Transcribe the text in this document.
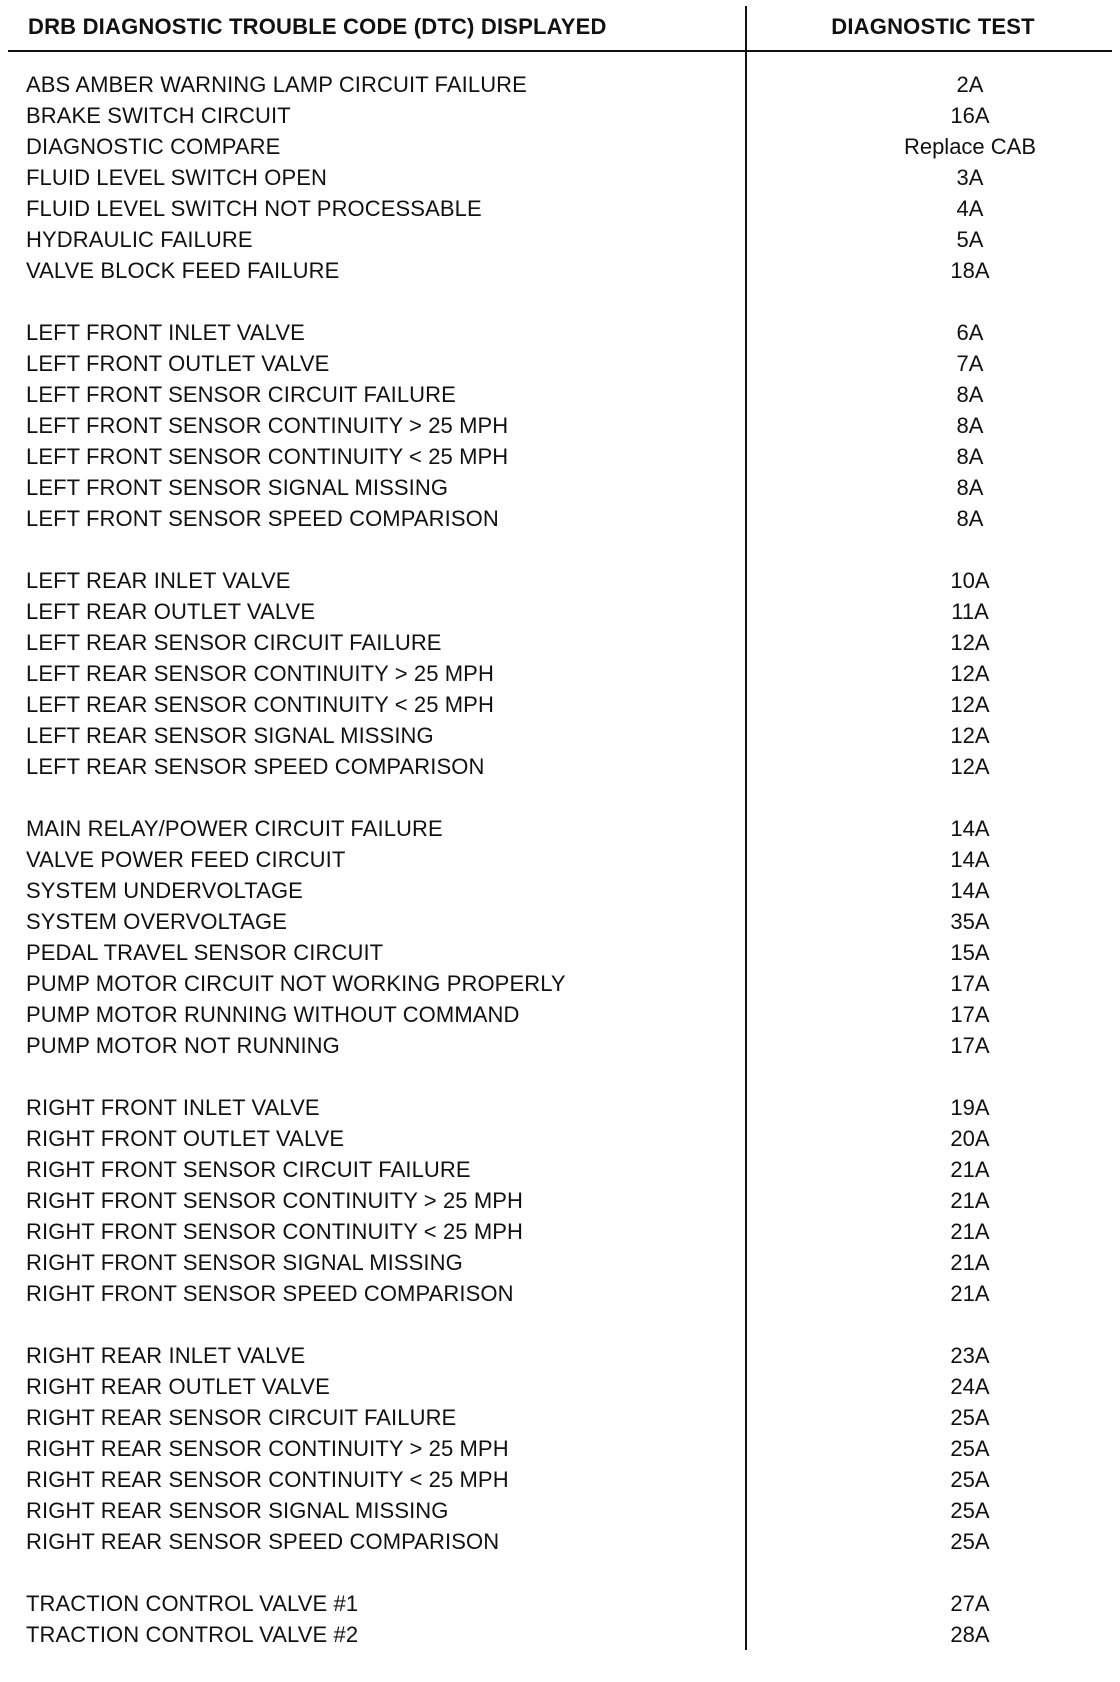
DRB DIAGNOSTIC TROUBLE CODE (DTC) DISPLAYED	DIAGNOSTIC TEST
ABS AMBER WARNING LAMP CIRCUIT FAILURE	2A
BRAKE SWITCH CIRCUIT	16A
DIAGNOSTIC COMPARE	Replace CAB
FLUID LEVEL SWITCH OPEN	3A
FLUID LEVEL SWITCH NOT PROCESSABLE	4A
HYDRAULIC FAILURE	5A
VALVE BLOCK FEED FAILURE	18A
LEFT FRONT INLET VALVE	6A
LEFT FRONT OUTLET VALVE	7A
LEFT FRONT SENSOR CIRCUIT FAILURE	8A
LEFT FRONT SENSOR CONTINUITY > 25 MPH	8A
LEFT FRONT SENSOR CONTINUITY < 25 MPH	8A
LEFT FRONT SENSOR SIGNAL MISSING	8A
LEFT FRONT SENSOR SPEED COMPARISON	8A
LEFT REAR INLET VALVE	10A
LEFT REAR OUTLET VALVE	11A
LEFT REAR SENSOR CIRCUIT FAILURE	12A
LEFT REAR SENSOR CONTINUITY > 25 MPH	12A
LEFT REAR SENSOR CONTINUITY < 25 MPH	12A
LEFT REAR SENSOR SIGNAL MISSING	12A
LEFT REAR SENSOR SPEED COMPARISON	12A
MAIN RELAY/POWER CIRCUIT FAILURE	14A
VALVE POWER FEED CIRCUIT	14A
SYSTEM UNDERVOLTAGE	14A
SYSTEM OVERVOLTAGE	35A
PEDAL TRAVEL SENSOR CIRCUIT	15A
PUMP MOTOR CIRCUIT NOT WORKING PROPERLY	17A
PUMP MOTOR RUNNING WITHOUT COMMAND	17A
PUMP MOTOR NOT RUNNING	17A
RIGHT FRONT INLET VALVE	19A
RIGHT FRONT OUTLET VALVE	20A
RIGHT FRONT SENSOR CIRCUIT FAILURE	21A
RIGHT FRONT SENSOR CONTINUITY > 25 MPH	21A
RIGHT FRONT SENSOR CONTINUITY < 25 MPH	21A
RIGHT FRONT SENSOR SIGNAL MISSING	21A
RIGHT FRONT SENSOR SPEED COMPARISON	21A
RIGHT REAR INLET VALVE	23A
RIGHT REAR OUTLET VALVE	24A
RIGHT REAR SENSOR CIRCUIT FAILURE	25A
RIGHT REAR SENSOR CONTINUITY > 25 MPH	25A
RIGHT REAR SENSOR CONTINUITY < 25 MPH	25A
RIGHT REAR SENSOR SIGNAL MISSING	25A
RIGHT REAR SENSOR SPEED COMPARISON	25A
TRACTION CONTROL VALVE #1	27A
TRACTION CONTROL VALVE #2	28A
